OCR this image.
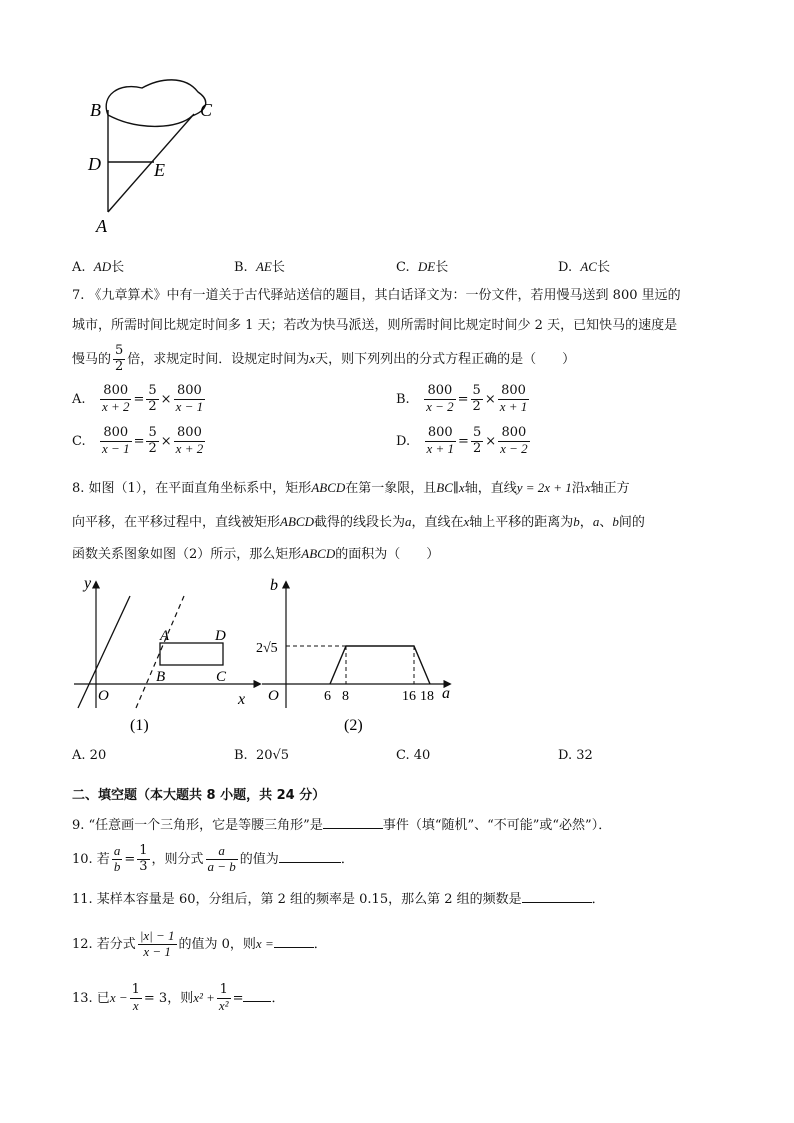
B	C
D	E
A
A. AD长	B. AE长	C. DE长	D. AC长
7. 《九章算术》中有一道关于古代驿站送信的题目，其白话译文为：一份文件，若用慢马送到 800 里远的
城市，所需时间比规定时间多 1 天；若改为快马派送，则所需时间比规定时间少 2 天，已知快马的速度是
慢马的 $\frac{5}{2}$ 倍，求规定时间．设规定时间为x天，则下列列出的分式方程正确的是（　　）
A. $\frac{800}{x + 2} = \frac{5}{2} \times \frac{800}{x - 1}$	B. $\frac{800}{x - 2} = \frac{5}{2} \times \frac{800}{x + 1}$
C. $\frac{800}{x - 1} = \frac{5}{2} \times \frac{800}{x + 2}$	D. $\frac{800}{x + 1} = \frac{5}{2} \times \frac{800}{x - 2}$
8. 如图（1），在平面直角坐标系中，矩形ABCD在第一象限，且BC∥x轴，直线y = 2x + 1沿x轴正方
向平移，在平移过程中，直线被矩形ABCD截得的线段长为a，直线在x轴上平移的距离为b，a、b间的
函数关系图象如图（2）所示，那么矩形ABCD的面积为（　　）
y
x
O
A	D
B	C
(1)
b
a
O
2√5
6 8	16 18
(2)
A. 20	B. 20√5	C. 40	D. 32
二、填空题（本大题共 8 小题，共 24 分）
9. “任意画一个三角形，它是等腰三角形”是	事件（填“随机”、“不可能”或“必然”）．
10. 若 $\frac{a}{b} = \frac{1}{3}$ ，则分式 $\frac{a}{a - b}$ 的值为	．
11. 某样本容量是 60，分组后，第 2 组的频率是 0.15，那么第 2 组的频数是	．
12. 若分式 $\frac{|x| - 1}{x - 1}$ 的值为 0，则x =	．
13. 已$x - \frac{1}{x} = 3$，则$x^2 + \frac{1}{\text{x²}}$ = ．
